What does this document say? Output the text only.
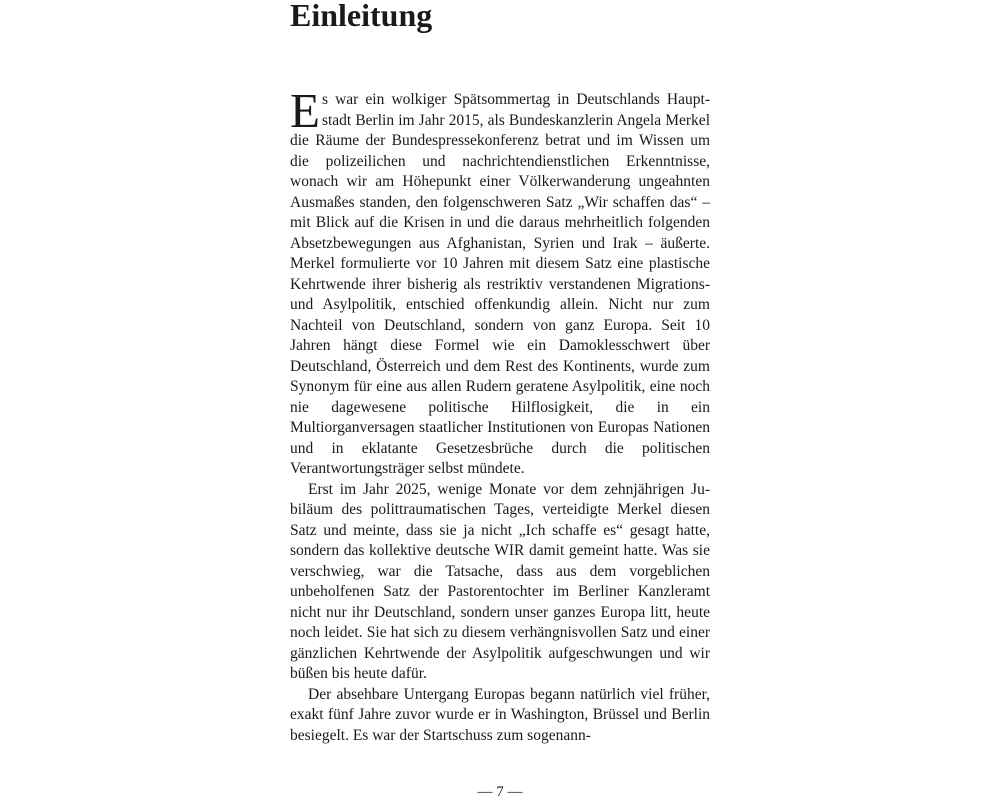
Einleitung

Es war ein wolkiger Spätsommertag in Deutschlands Hauptstadt Berlin im Jahr 2015, als Bundeskanzlerin Angela Merkel die Räume der Bundespressekonferenz betrat und im Wissen um die polizeilichen und nachrichtendienstlichen Erkenntnisse, wonach wir am Höhepunkt einer Völkerwanderung ungeahnten Ausmaßes standen, den folgenschweren Satz „Wir schaffen das“ – mit Blick auf die Krisen in und die daraus mehrheitlich folgenden Absetzbewegungen aus Afghanistan, Syrien und Irak – äußerte. Merkel formulierte vor 10 Jahren mit diesem Satz eine plastische Kehrtwende ihrer bisherig als restriktiv verstandenen Migrations- und Asylpolitik, entschied offenkundig allein. Nicht nur zum Nachteil von Deutschland, sondern von ganz Europa. Seit 10 Jahren hängt diese Formel wie ein Damoklesschwert über Deutschland, Österreich und dem Rest des Kontinents, wurde zum Synonym für eine aus allen Rudern geratene Asylpolitik, eine noch nie dagewesene politische Hilflosigkeit, die in ein Multiorganversagen staatlicher Institutionen von Europas Nationen und in eklatante Gesetzesbrüche durch die politischen Verantwortungsträger selbst mündete.

Erst im Jahr 2025, wenige Monate vor dem zehnjährigen Jubiläum des polittraumatischen Tages, verteidigte Merkel diesen Satz und meinte, dass sie ja nicht „Ich schaffe es“ gesagt hatte, sondern das kollektive deutsche WIR damit gemeint hatte. Was sie verschwieg, war die Tatsache, dass aus dem vorgeblichen unbeholfenen Satz der Pastorentochter im Berliner Kanzleramt nicht nur ihr Deutschland, sondern unser ganzes Europa litt, heute noch leidet. Sie hat sich zu diesem verhängnisvollen Satz und einer gänzlichen Kehrtwende der Asylpolitik aufgeschwungen und wir büßen bis heute dafür.

Der absehbare Untergang Europas begann natürlich viel früher, exakt fünf Jahre zuvor wurde er in Washington, Brüssel und Berlin besiegelt. Es war der Startschuss zum sogenann-

— 7 —
